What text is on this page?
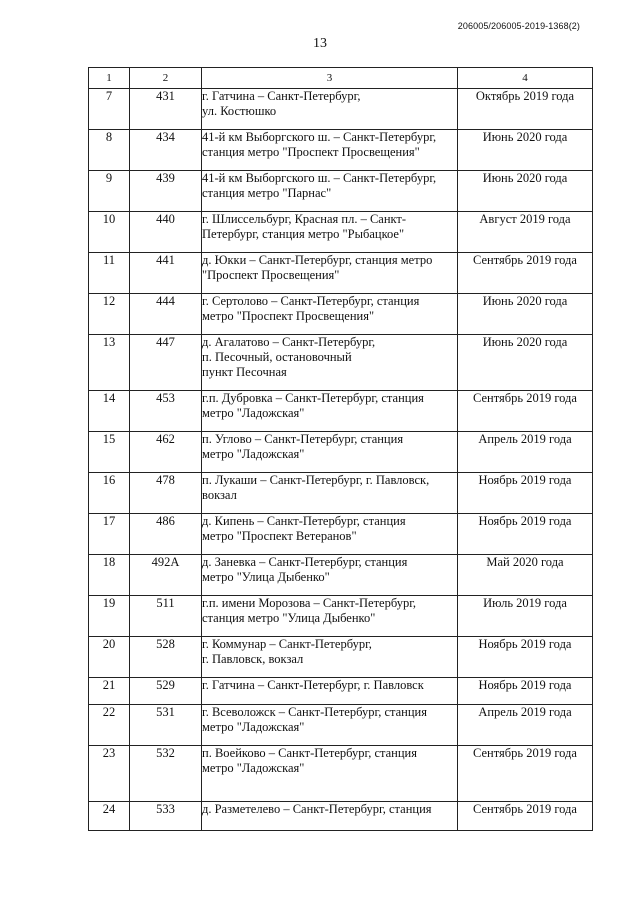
206005/206005-2019-1368(2)
13
1	2	3	4
7	431	г. Гатчина – Санкт-Петербург,
ул. Костюшко	Октябрь 2019 года
8	434	41-й км Выборгского ш. – Санкт-Петербург,
станция метро "Проспект Просвещения"	Июнь 2020 года
9	439	41-й км Выборгского ш. – Санкт-Петербург,
станция метро "Парнас"	Июнь 2020 года
10	440	г. Шлиссельбург, Красная пл. – Санкт-
Петербург, станция метро "Рыбацкое"	Август 2019 года
11	441	д. Юкки – Санкт-Петербург, станция метро
"Проспект Просвещения"	Сентябрь 2019 года
12	444	г. Сертолово – Санкт-Петербург, станция
метро "Проспект Просвещения"	Июнь 2020 года
13	447	д. Агалатово – Санкт-Петербург,
п. Песочный, остановочный
пункт Песочная	Июнь 2020 года
14	453	г.п. Дубровка – Санкт-Петербург, станция
метро "Ладожская"	Сентябрь 2019 года
15	462	п. Углово – Санкт-Петербург, станция
метро "Ладожская"	Апрель 2019 года
16	478	п. Лукаши – Санкт-Петербург, г. Павловск,
вокзал	Ноябрь 2019 года
17	486	д. Кипень – Санкт-Петербург, станция
метро "Проспект Ветеранов"	Ноябрь 2019 года
18	492А	д. Заневка – Санкт-Петербург, станция
метро "Улица Дыбенко"	Май 2020 года
19	511	г.п. имени Морозова – Санкт-Петербург,
станция метро "Улица Дыбенко"	Июль 2019 года
20	528	г. Коммунар – Санкт-Петербург,
г. Павловск, вокзал	Ноябрь 2019 года
21	529	г. Гатчина – Санкт-Петербург, г. Павловск	Ноябрь 2019 года
22	531	г. Всеволожск – Санкт-Петербург, станция
метро "Ладожская"	Апрель 2019 года
23	532	п. Воейково – Санкт-Петербург, станция
метро "Ладожская"	Сентябрь 2019 года
24	533	д. Разметелево – Санкт-Петербург, станция	Сентябрь 2019 года
